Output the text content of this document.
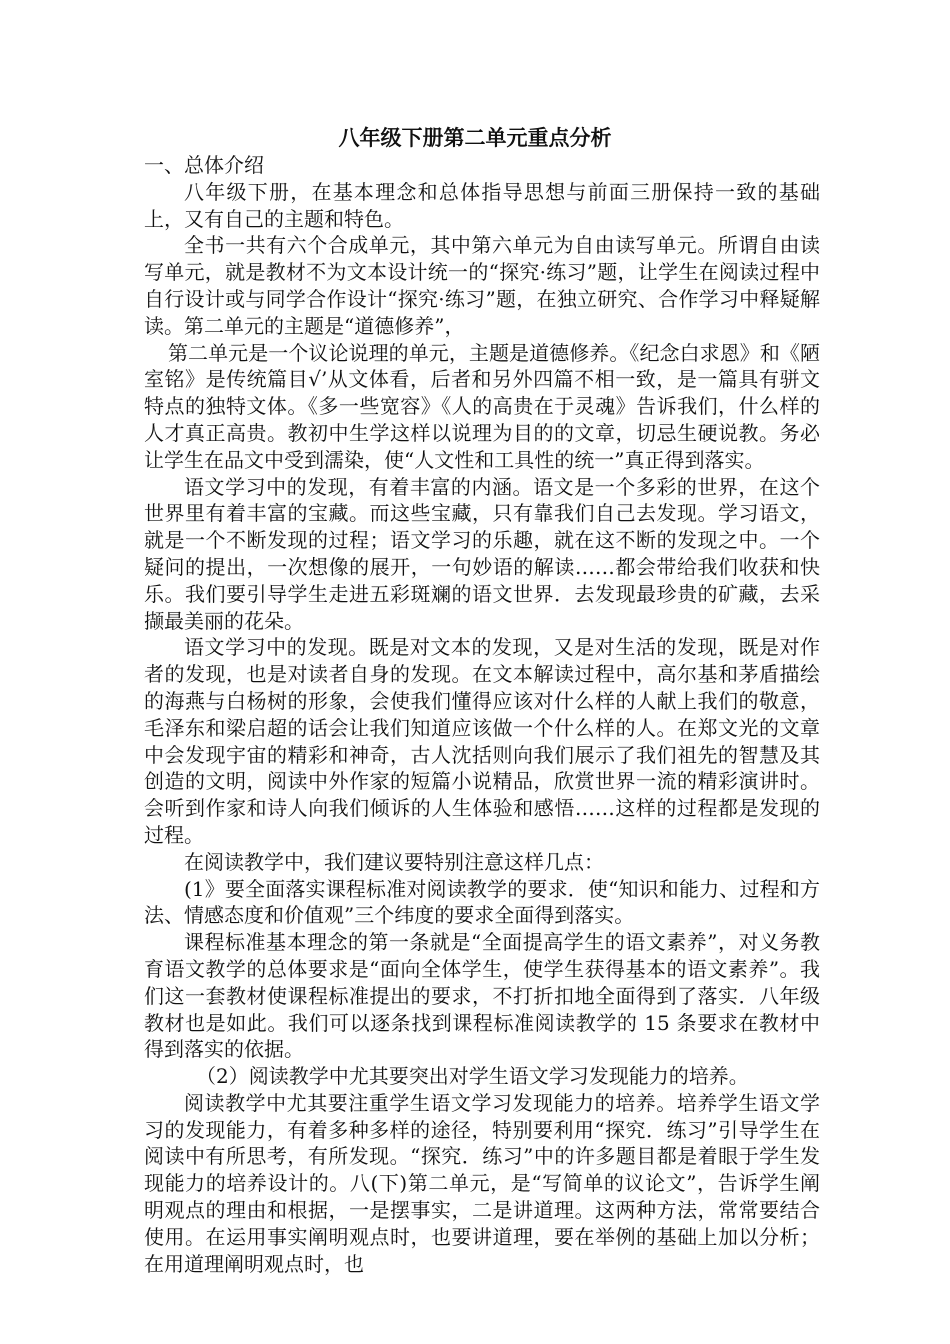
八年级下册第二单元重点分析

一、总体介绍

八年级下册，在基本理念和总体指导思想与前面三册保持一致的基础上，又有自己的主题和特色。

全书一共有六个合成单元，其中第六单元为自由读写单元。所谓自由读写单元，就是教材不为文本设计统一的“探究·练习”题，让学生在阅读过程中自行设计或与同学合作设计“探究·练习”题，在独立研究、合作学习中释疑解读。第二单元的主题是“道德修养”，

第二单元是一个议论说理的单元，主题是道德修养。《纪念白求恩》和《陋室铭》是传统篇目√’从文体看，后者和另外四篇不相一致，是一篇具有骈文特点的独特文体。《多一些宽容》《人的高贵在于灵魂》告诉我们，什么样的人才真正高贵。教初中生学这样以说理为目的的文章，切忌生硬说教。务必让学生在品文中受到濡染，使“人文性和工具性的统一”真正得到落实。

语文学习中的发现，有着丰富的内涵。语文是一个多彩的世界，在这个世界里有着丰富的宝藏。而这些宝藏，只有靠我们自己去发现。学习语文，就是一个不断发现的过程；语文学习的乐趣，就在这不断的发现之中。一个疑问的提出，一次想像的展开，一句妙语的解读……都会带给我们收获和快乐。我们要引导学生走进五彩斑斓的语文世界．去发现最珍贵的矿藏，去采撷最美丽的花朵。

语文学习中的发现。既是对文本的发现，又是对生活的发现，既是对作者的发现，也是对读者自身的发现。在文本解读过程中，高尔基和茅盾描绘的海燕与白杨树的形象，会使我们懂得应该对什么样的人献上我们的敬意，毛泽东和梁启超的话会让我们知道应该做一个什么样的人。在郑文光的文章中会发现宇宙的精彩和神奇，古人沈括则向我们展示了我们祖先的智慧及其创造的文明，阅读中外作家的短篇小说精品，欣赏世界一流的精彩演讲时。会听到作家和诗人向我们倾诉的人生体验和感悟……这样的过程都是发现的过程。

在阅读教学中，我们建议要特别注意这样几点：

(1》要全面落实课程标准对阅读教学的要求．使“知识和能力、过程和方法、情感态度和价值观”三个纬度的要求全面得到落实。

课程标准基本理念的第一条就是“全面提高学生的语文素养”，对义务教育语文教学的总体要求是“面向全体学生，使学生获得基本的语文素养”。我们这一套教材使课程标准提出的要求，不打折扣地全面得到了落实．八年级教材也是如此。我们可以逐条找到课程标准阅读教学的 15 条要求在教材中得到落实的依据。

（2）阅读教学中尤其要突出对学生语文学习发现能力的培养。

阅读教学中尤其要注重学生语文学习发现能力的培养。培养学生语文学习的发现能力，有着多种多样的途径，特别要利用“探究．练习”引导学生在阅读中有所思考，有所发现。“探究．练习”中的许多题目都是着眼于学生发现能力的培养设计的。八(下)第二单元，是“写简单的议论文”，告诉学生阐明观点的理由和根据，一是摆事实，二是讲道理。这两种方法，常常要结合使用。在运用事实阐明观点时，也要讲道理，要在举例的基础上加以分析；在用道理阐明观点时，也
